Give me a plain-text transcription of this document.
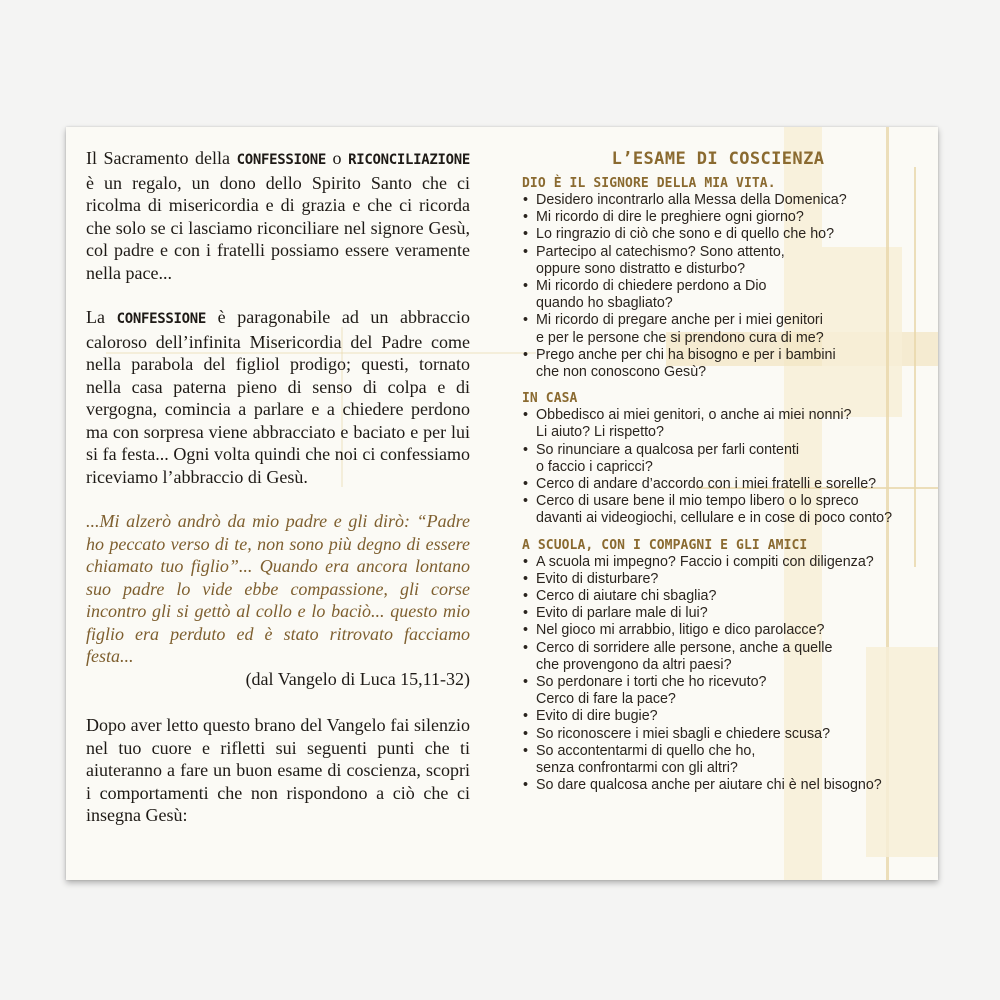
Il Sacramento della CONFESSIONE o RICONCILIAZIONE è un regalo, un dono dello Spirito Santo che ci ricolma di misericordia e di grazia e che ci ricorda che solo se ci lasciamo riconciliare nel signore Gesù, col padre e con i fratelli possiamo essere veramente nella pace...

La CONFESSIONE è paragonabile ad un abbraccio caloroso dell’infinita Misericordia del Padre come nella parabola del figliol prodigo; questi, tornato nella casa paterna pieno di senso di colpa e di vergogna, comincia a parlare e a chiedere perdono ma con sorpresa viene abbracciato e baciato e per lui si fa festa... Ogni volta quindi che noi ci confessiamo riceviamo l’abbraccio di Gesù.

...Mi alzerò andrò da mio padre e gli dirò: “Padre ho peccato verso di te, non sono più degno di essere chiamato tuo figlio”... Quando era ancora lontano suo padre lo vide ebbe compassione, gli corse incontro gli si gettò al collo e lo baciò... questo mio figlio era perduto ed è stato ritrovato facciamo festa...

(dal Vangelo di Luca 15,11-32)

Dopo aver letto questo brano del Vangelo fai silenzio nel tuo cuore e rifletti sui seguenti punti che ti aiuteranno a fare un buon esame di coscienza, scopri i comportamenti che non rispondono a ciò che ci insegna Gesù:

L’ESAME DI COSCIENZA
DIO È IL SIGNORE DELLA MIA VITA.
• Desidero incontrarlo alla Messa della Domenica?
• Mi ricordo di dire le preghiere ogni giorno?
• Lo ringrazio di ciò che sono e di quello che ho?
• Partecipo al catechismo? Sono attento,
oppure sono distratto e disturbo?
• Mi ricordo di chiedere perdono a Dio
quando ho sbagliato?
• Mi ricordo di pregare anche per i miei genitori
e per le persone che si prendono cura di me?
• Prego anche per chi ha bisogno e per i bambini
che non conoscono Gesù?
IN CASA
• Obbedisco ai miei genitori, o anche ai miei nonni?
Li aiuto? Li rispetto?
• So rinunciare a qualcosa per farli contenti
o faccio i capricci?
• Cerco di andare d’accordo con i miei fratelli e sorelle?
• Cerco di usare bene il mio tempo libero o lo spreco
davanti ai videogiochi, cellulare e in cose di poco conto?
A SCUOLA, CON I COMPAGNI E GLI AMICI
• A scuola mi impegno? Faccio i compiti con diligenza?
• Evito di disturbare?
• Cerco di aiutare chi sbaglia?
• Evito di parlare male di lui?
• Nel gioco mi arrabbio, litigo e dico parolacce?
• Cerco di sorridere alle persone, anche a quelle
che provengono da altri paesi?
• So perdonare i torti che ho ricevuto?
Cerco di fare la pace?
• Evito di dire bugie?
• So riconoscere i miei sbagli e chiedere scusa?
• So accontentarmi di quello che ho,
senza confrontarmi con gli altri?
• So dare qualcosa anche per aiutare chi è nel bisogno?
